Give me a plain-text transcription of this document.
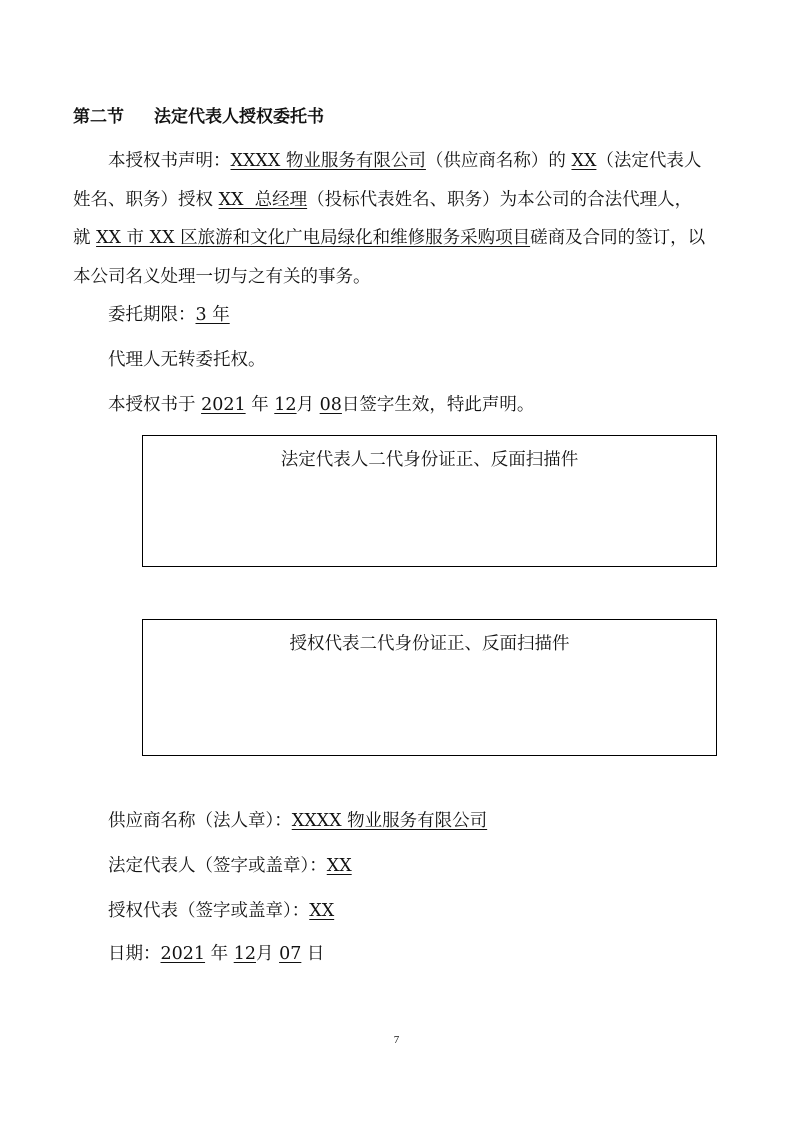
第二节 法定代表人授权委托书
本授权书声明：XXXX 物业服务有限公司（供应商名称）的 XX（法定代表人
姓名、职务）授权 XX  总经理（投标代表姓名、职务）为本公司的合法代理人，
就 XX 市 XX 区旅游和文化广电局绿化和维修服务采购项目磋商及合同的签订，以
本公司名义处理一切与之有关的事务。
委托期限：3 年
代理人无转委托权。
本授权书于 2021 年 12月 08日签字生效，特此声明。
法定代表人二代身份证正、反面扫描件
授权代表二代身份证正、反面扫描件
供应商名称（法人章）：XXXX 物业服务有限公司
法定代表人（签字或盖章）：XX
授权代表（签字或盖章）：XX
日期：2021 年 12月 07 日
7
